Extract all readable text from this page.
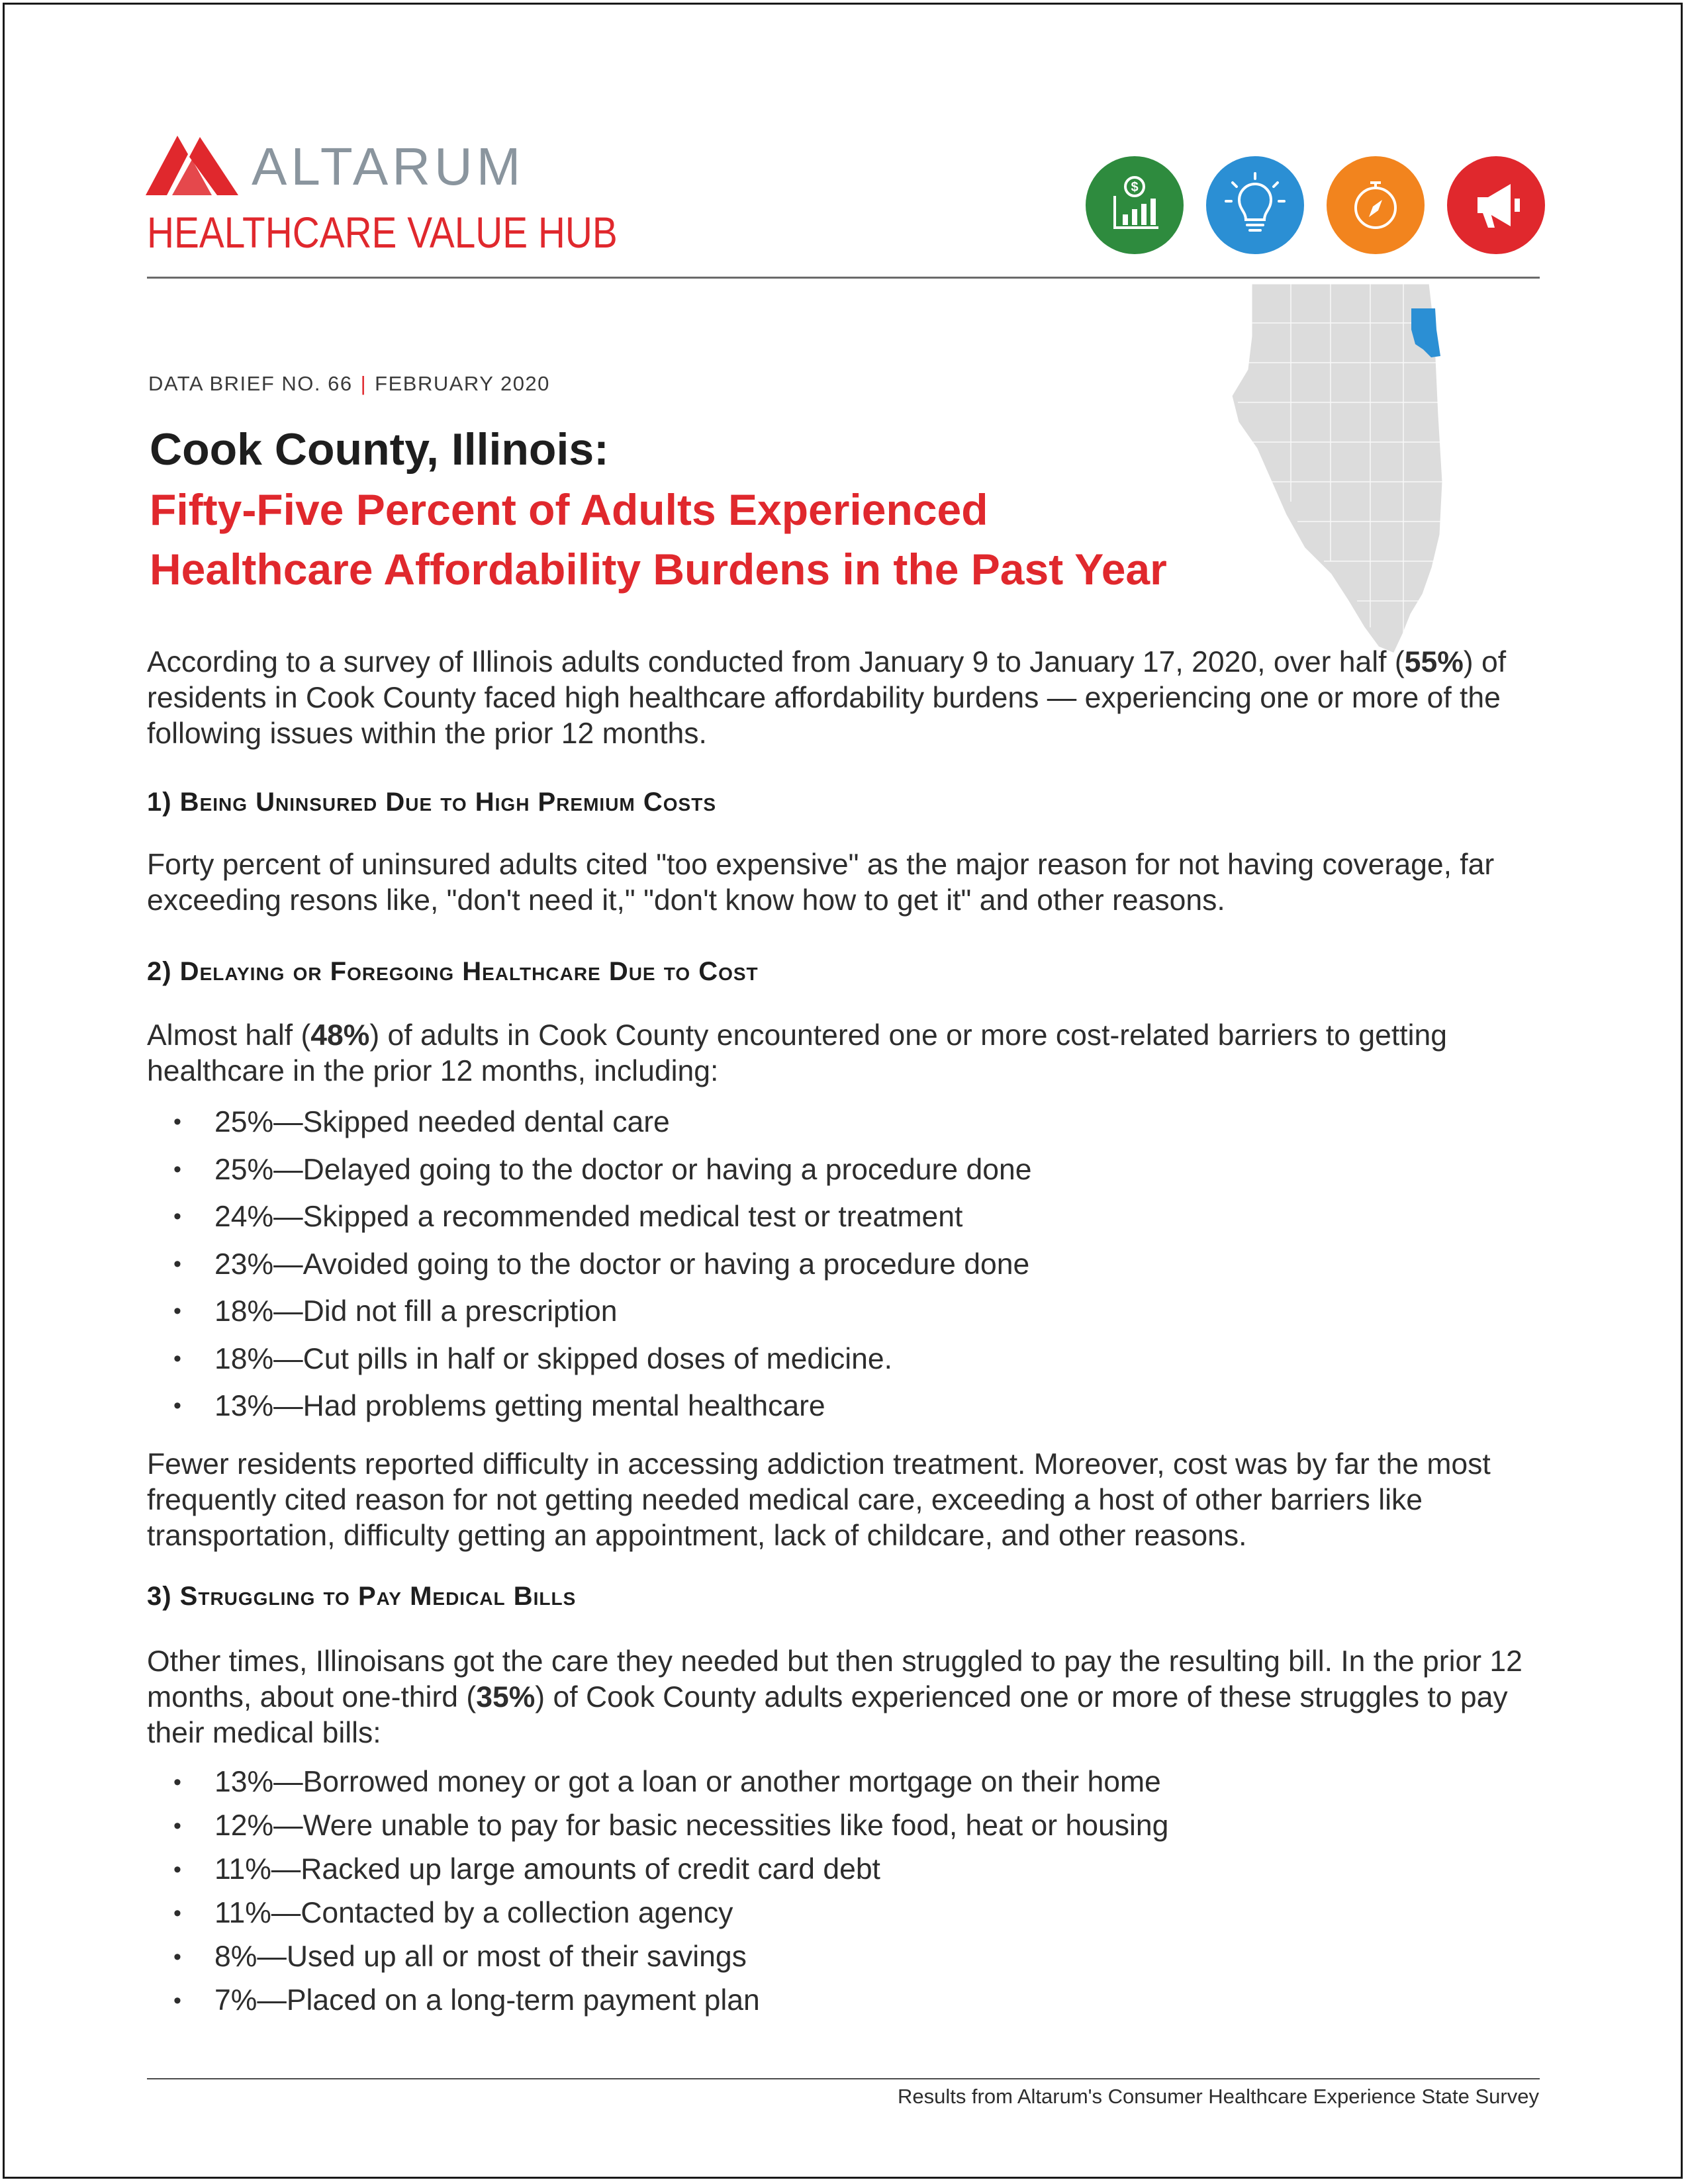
ALTARUM
HEALTHCARE VALUE HUB
$
DATA BRIEF NO. 66 | FEBRUARY 2020
Cook County, Illinois:
Fifty-Five Percent of Adults Experienced
Healthcare Affordability Burdens in the Past Year
According to a survey of Illinois adults conducted from January 9 to January 17, 2020, over half (55%) of residents in Cook County faced high healthcare affordability burdens — experiencing one or more of the following issues within the prior 12 months.
1) Being Uninsured Due to High Premium Costs
Forty percent of uninsured adults cited "too expensive" as the major reason for not having coverage, far exceeding resons like, "don't need it," "don't know how to get it" and other reasons.
2) Delaying or Foregoing Healthcare Due to Cost
Almost half (48%) of adults in Cook County encountered one or more cost-related barriers to getting healthcare in the prior 12 months, including:
• 25%—Skipped needed dental care
• 25%—Delayed going to the doctor or having a procedure done
• 24%—Skipped a recommended medical test or treatment
• 23%—Avoided going to the doctor or having a procedure done
• 18%—Did not fill a prescription
• 18%—Cut pills in half or skipped doses of medicine.
• 13%—Had problems getting mental healthcare
Fewer residents reported difficulty in accessing addiction treatment. Moreover, cost was by far the most frequently cited reason for not getting needed medical care, exceeding a host of other barriers like transportation, difficulty getting an appointment, lack of childcare, and other reasons.
3) Struggling to Pay Medical Bills
Other times, Illinoisans got the care they needed but then struggled to pay the resulting bill. In the prior 12 months, about one-third (35%) of Cook County adults experienced one or more of these struggles to pay their medical bills:
• 13%—Borrowed money or got a loan or another mortgage on their home
• 12%—Were unable to pay for basic necessities like food, heat or housing
• 11%—Racked up large amounts of credit card debt
• 11%—Contacted by a collection agency
• 8%—Used up all or most of their savings
• 7%—Placed on a long-term payment plan
Results from Altarum's Consumer Healthcare Experience State Survey
